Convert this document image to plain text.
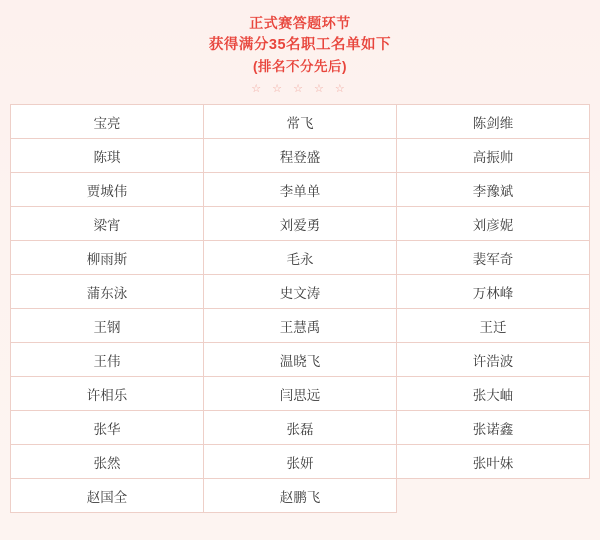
正式赛答题环节
获得满分35名职工名单如下
(排名不分先后)
☆ ☆ ☆ ☆ ☆
宝亮	常飞	陈剑维
陈琪	程登盛	高振帅
贾城伟	李单单	李豫斌
梁宵	刘爱勇	刘彦妮
柳雨斯	毛永	裴军奇
蒲东泳	史文涛	万林峰
王钢	王慧禹	王迁
王伟	温晓飞	许浩波
许相乐	闫思远	张大岫
张华	张磊	张诺鑫
张然	张妍	张叶妹
赵国全	赵鹏飞	
